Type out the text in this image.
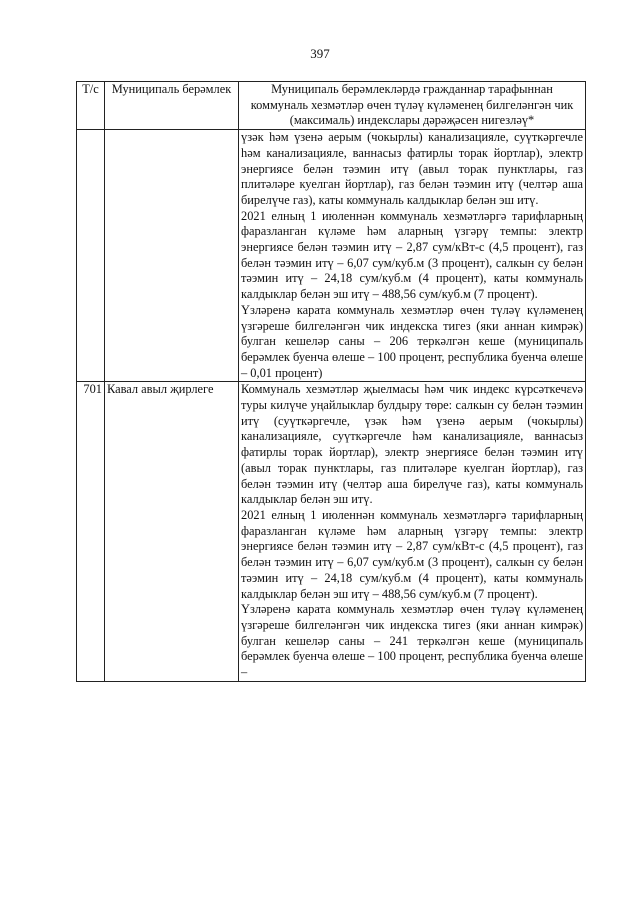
397
Т/с	Муниципаль берәмлек	Муниципаль берәмлекләрдә гражданнар тарафыннан коммуналь хезмәтләр өчен түләү күләменең билгеләнгән чик (максималь) индекслары дәрәҗәсен нигезләү*

		үзәк һәм үзенә аерым (чокырлы) канализацияле, суүткәргечле һәм канализацияле, ваннасыз фатирлы торак йортлар), электр энергиясе белән тәэмин итү (авыл торак пунктлары, газ плитәләре куелган йортлар), газ белән тәэмин итү (челтәр аша бирелүче газ), каты коммуналь калдыклар белән эш итү.

2021 елның 1 июленнән коммуналь хезмәтләргә тарифларның фаразланган күләме һәм аларның үзгәрү темпы: электр энергиясе белән тәэмин итү – 2,87 сум/кВт-с (4,5 процент), газ белән тәэмин итү – 6,07 сум/куб.м (3 процент), салкын су белән тәэмин итү – 24,18 сум/куб.м (4 процент), каты коммуналь калдыклар белән эш итү – 488,56 сум/куб.м (7 процент).

Үзләренә карата коммуналь хезмәтләр өчен түләү күләменең үзгәреше билгеләнгән чик индекска тигез (яки аннан кимрәк) булган кешеләр саны – 206 теркәлгән кеше (муниципаль берәмлек буенча өлеше – 100 процент, республика буенча өлеше – 0,01 процент)

701	Кавал авыл җирлеге	Коммуналь хезмәтләр җыелмасы һәм чик индекс күрсәткечενә туры килүче уңайлыклар булдыру төре: салкын су белән тәэмин итү (суүткәргечле, үзәк һәм үзенә аерым (чокырлы) канализацияле, суүткәргечле һәм канализацияле, ваннасыз фатирлы торак йортлар), электр энергиясе белән тәэмин итү (авыл торак пунктлары, газ плитәләре куелган йортлар), газ белән тәэмин итү (челтәр аша бирелүче газ), каты коммуналь калдыклар белән эш итү.

2021 елның 1 июленнән коммуналь хезмәтләргә тарифларның фаразланган күләме һәм аларның үзгәрү темпы: электр энергиясе белән тәэмин итү – 2,87 сум/кВт-с (4,5 процент), газ белән тәэмин итү – 6,07 сум/куб.м (3 процент), салкын су белән тәэмин итү – 24,18 сум/куб.м (4 процент), каты коммуналь калдыклар белән эш итү – 488,56 сум/куб.м (7 процент).

Үзләренә карата коммуналь хезмәтләр өчен түләү күләменең үзгәреше билгеләнгән чик индекска тигез (яки аннан кимрәк) булган кешеләр саны – 241 теркәлгән кеше (муниципаль берәмлек буенча өлеше – 100 процент, республика буенча өлеше –
